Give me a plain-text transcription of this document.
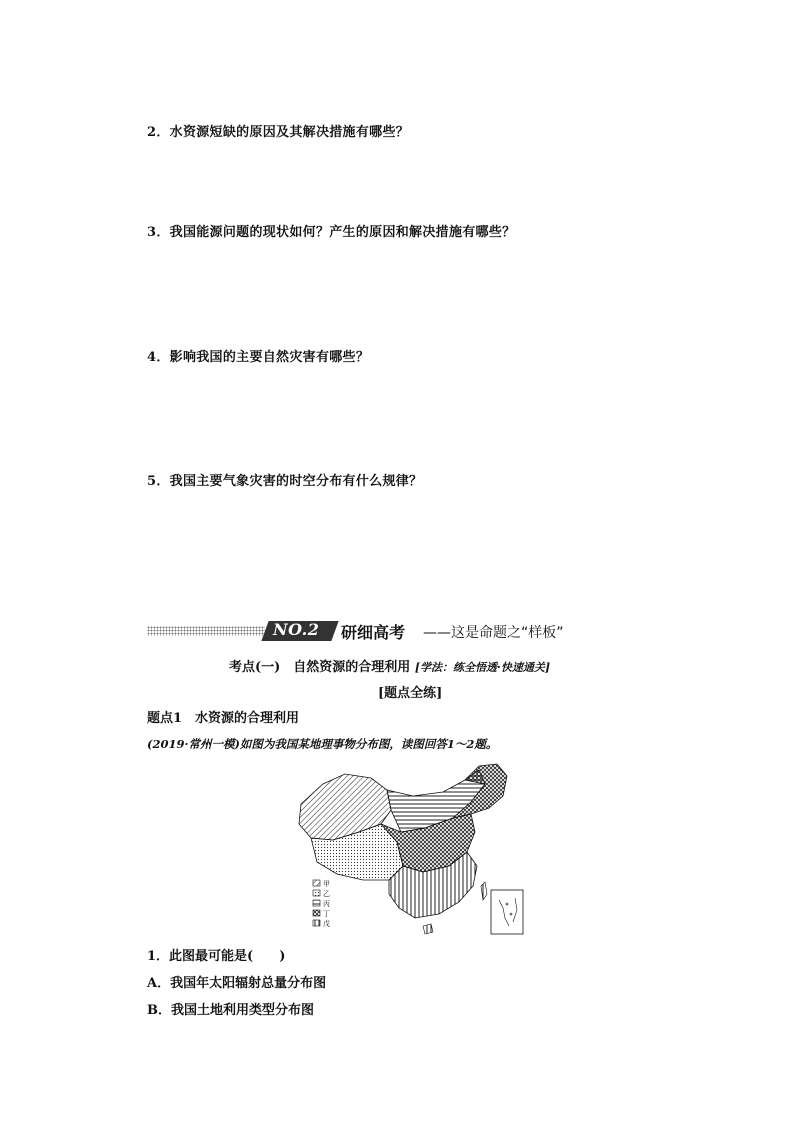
2．水资源短缺的原因及其解决措施有哪些？
3．我国能源问题的现状如何？产生的原因和解决措施有哪些？
4．影响我国的主要自然灾害有哪些？
5．我国主要气象灾害的时空分布有什么规律？
NO.2 研细高考 ——这是命题之“样板”
考点(一)　自然资源的合理利用 [学法：练全悟透·快速通关]
[题点全练]
题点1　水资源的合理利用
(2019·常州一模)如图为我国某地理事物分布图，读图回答1～2题。
甲
乙
丙
丁
戊
1．此图最可能是(　　)
A．我国年太阳辐射总量分布图
B．我国土地利用类型分布图
